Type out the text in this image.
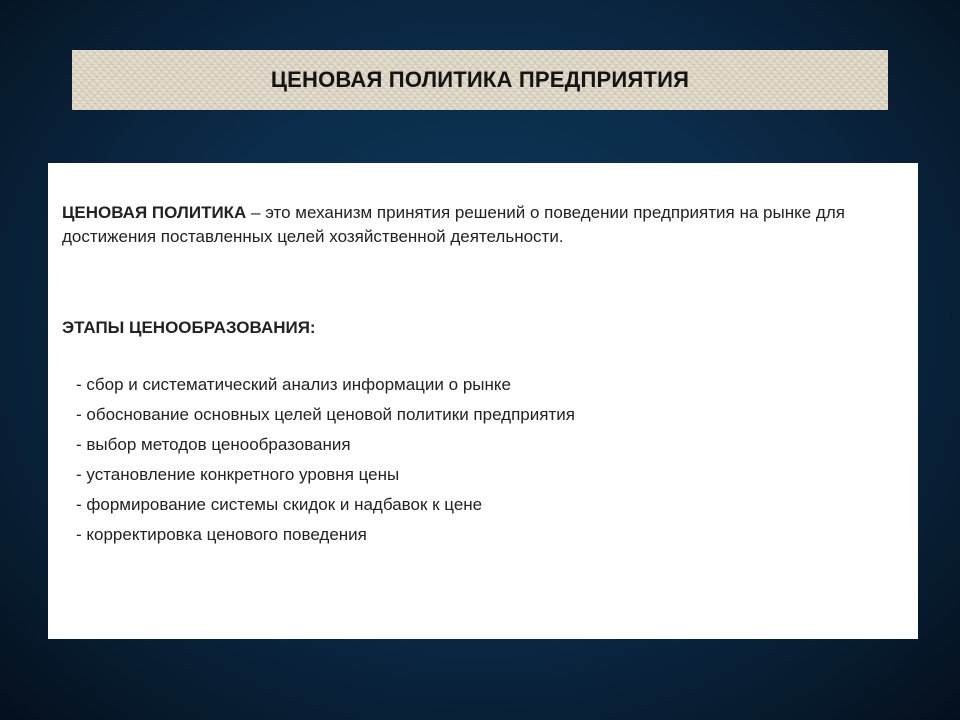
ЦЕНОВАЯ ПОЛИТИКА ПРЕДПРИЯТИЯ

ЦЕНОВАЯ ПОЛИТИКА – это механизм принятия решений о поведении предприятия на рынке для достижения поставленных целей хозяйственной деятельности.

ЭТАПЫ ЦЕНООБРАЗОВАНИЯ:

- сбор и систематический анализ информации о рынке
- обоснование основных целей ценовой политики предприятия
- выбор методов ценообразования
- установление конкретного уровня цены
- формирование системы скидок и надбавок к цене
- корректировка ценового поведения
